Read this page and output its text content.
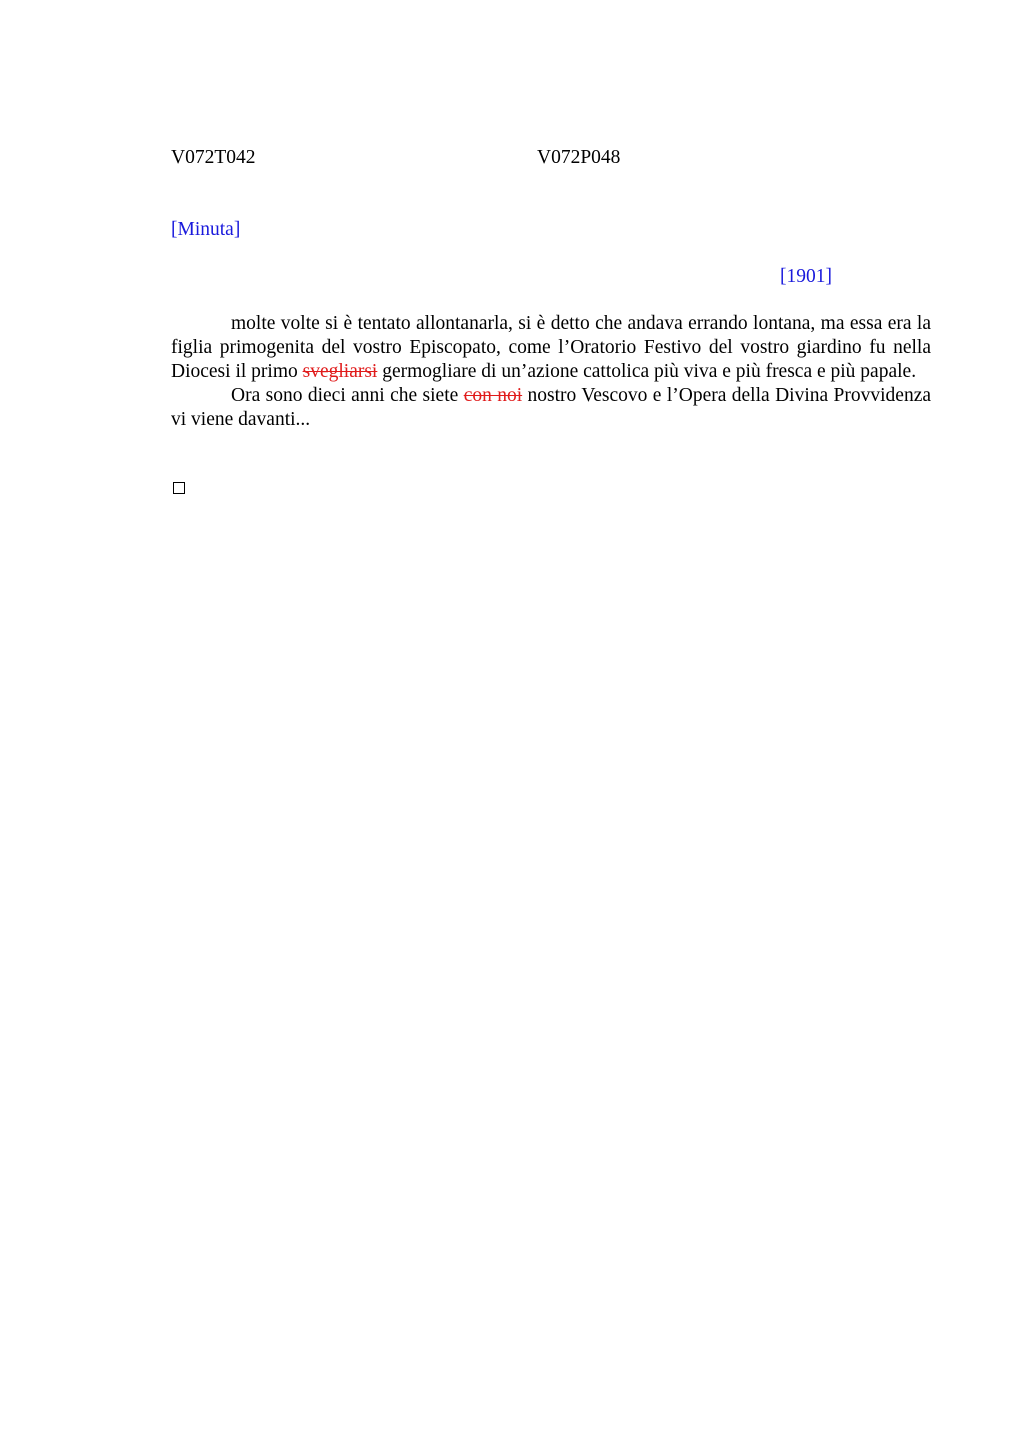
V072T042	V072P048
[Minuta]
[1901]

molte volte si è tentato allontanarla, si è detto che andava errando lontana, ma essa era la figlia primogenita del vostro Episcopato, come l’Oratorio Festivo del vostro giardino fu nella Diocesi il primo svegliarsi germogliare di un’azione cattolica più viva e più fresca e più papale.

Ora sono dieci anni che siete con noi nostro Vescovo e l’Opera della Divina Provvidenza vi viene davanti...
